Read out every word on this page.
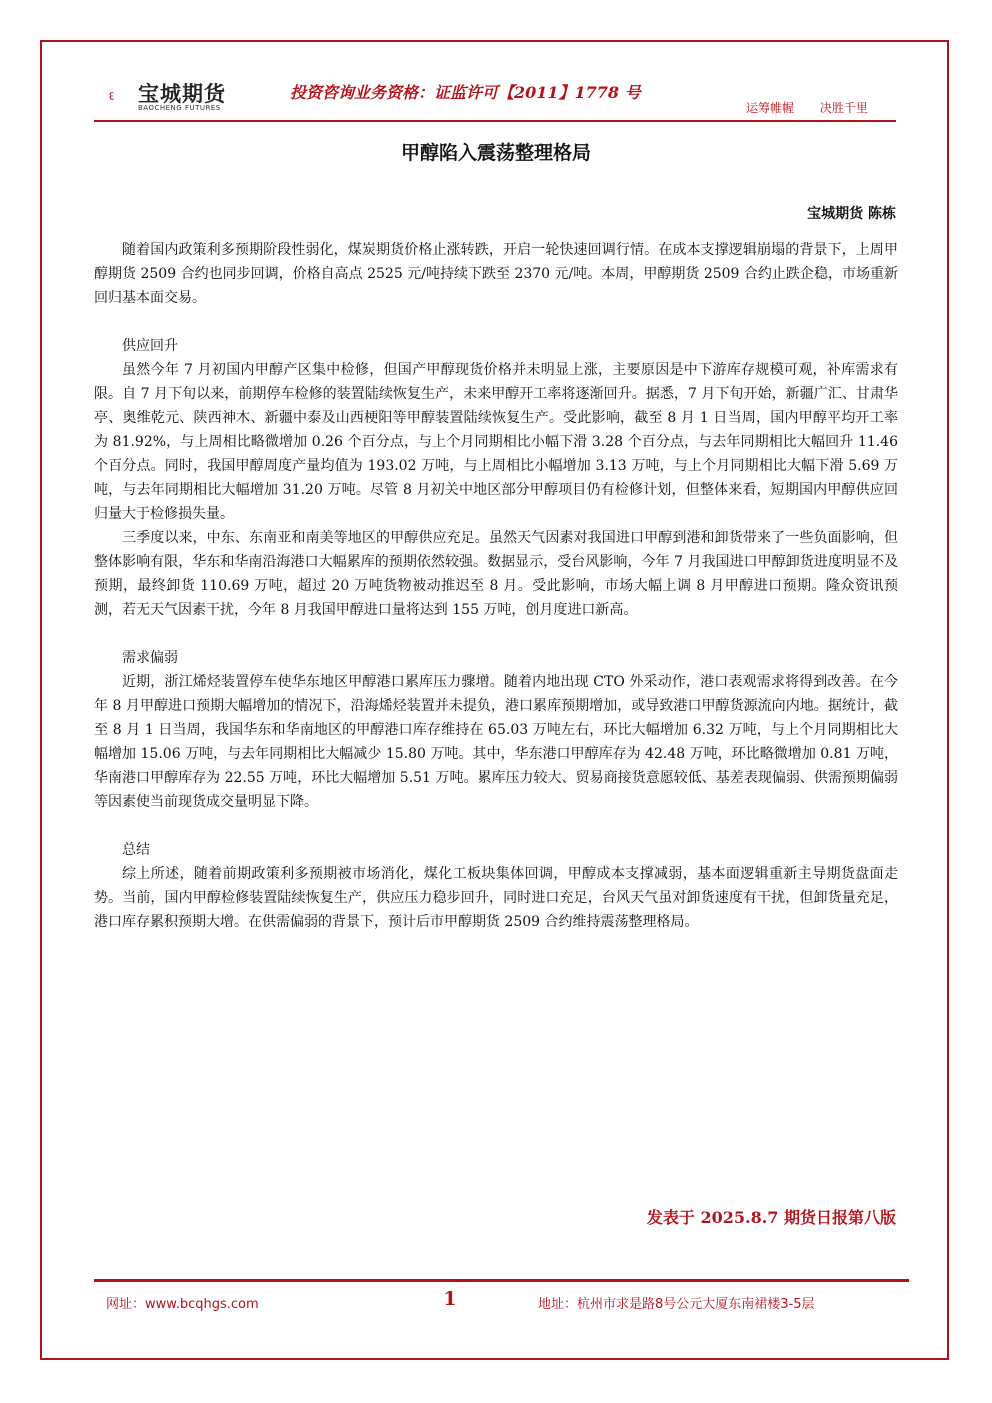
宝城期货
BAOCHENG FUTURES
投资咨询业务资格：证监许可【2011】1778 号
运筹帷幄 决胜千里
甲醇陷入震荡整理格局
宝城期货 陈栋

随着国内政策利多预期阶段性弱化，煤炭期货价格止涨转跌，开启一轮快速回调行情。在成本支撑逻辑崩塌的背景下，上周甲醇期货 2509 合约也同步回调，价格自高点 2525 元/吨持续下跌至 2370 元/吨。本周，甲醇期货 2509 合约止跌企稳，市场重新回归基本面交易。

供应回升

虽然今年 7 月初国内甲醇产区集中检修，但国产甲醇现货价格并未明显上涨，主要原因是中下游库存规模可观，补库需求有限。自 7 月下旬以来，前期停车检修的装置陆续恢复生产，未来甲醇开工率将逐渐回升。据悉，7 月下旬开始，新疆广汇、甘肃华亭、奥维乾元、陕西神木、新疆中泰及山西梗阳等甲醇装置陆续恢复生产。受此影响，截至 8 月 1 日当周，国内甲醇平均开工率为 81.92%，与上周相比略微增加 0.26 个百分点，与上个月同期相比小幅下滑 3.28 个百分点，与去年同期相比大幅回升 11.46 个百分点。同时，我国甲醇周度产量均值为 193.02 万吨，与上周相比小幅增加 3.13 万吨，与上个月同期相比大幅下滑 5.69 万吨，与去年同期相比大幅增加 31.20 万吨。尽管 8 月初关中地区部分甲醇项目仍有检修计划，但整体来看，短期国内甲醇供应回归量大于检修损失量。

三季度以来，中东、东南亚和南美等地区的甲醇供应充足。虽然天气因素对我国进口甲醇到港和卸货带来了一些负面影响，但整体影响有限，华东和华南沿海港口大幅累库的预期依然较强。数据显示，受台风影响，今年 7 月我国进口甲醇卸货进度明显不及预期，最终卸货 110.69 万吨，超过 20 万吨货物被动推迟至 8 月。受此影响，市场大幅上调 8 月甲醇进口预期。隆众资讯预测，若无天气因素干扰，今年 8 月我国甲醇进口量将达到 155 万吨，创月度进口新高。

需求偏弱

近期，浙江烯烃装置停车使华东地区甲醇港口累库压力骤增。随着内地出现 CTO 外采动作，港口表观需求将得到改善。在今年 8 月甲醇进口预期大幅增加的情况下，沿海烯烃装置并未提负，港口累库预期增加，或导致港口甲醇货源流向内地。据统计，截至 8 月 1 日当周，我国华东和华南地区的甲醇港口库存维持在 65.03 万吨左右，环比大幅增加 6.32 万吨，与上个月同期相比大幅增加 15.06 万吨，与去年同期相比大幅减少 15.80 万吨。其中，华东港口甲醇库存为 42.48 万吨，环比略微增加 0.81 万吨，华南港口甲醇库存为 22.55 万吨，环比大幅增加 5.51 万吨。累库压力较大、贸易商接货意愿较低、基差表现偏弱、供需预期偏弱等因素使当前现货成交量明显下降。

总结

综上所述，随着前期政策利多预期被市场消化，煤化工板块集体回调，甲醇成本支撑减弱，基本面逻辑重新主导期货盘面走势。当前，国内甲醇检修装置陆续恢复生产，供应压力稳步回升，同时进口充足，台风天气虽对卸货速度有干扰，但卸货量充足，港口库存累积预期大增。在供需偏弱的背景下，预计后市甲醇期货 2509 合约维持震荡整理格局。

发表于 2025.8.7 期货日报第八版
网址：www.bcqhgs.com	1	地址：杭州市求是路8号公元大厦东南裙楼3-5层
